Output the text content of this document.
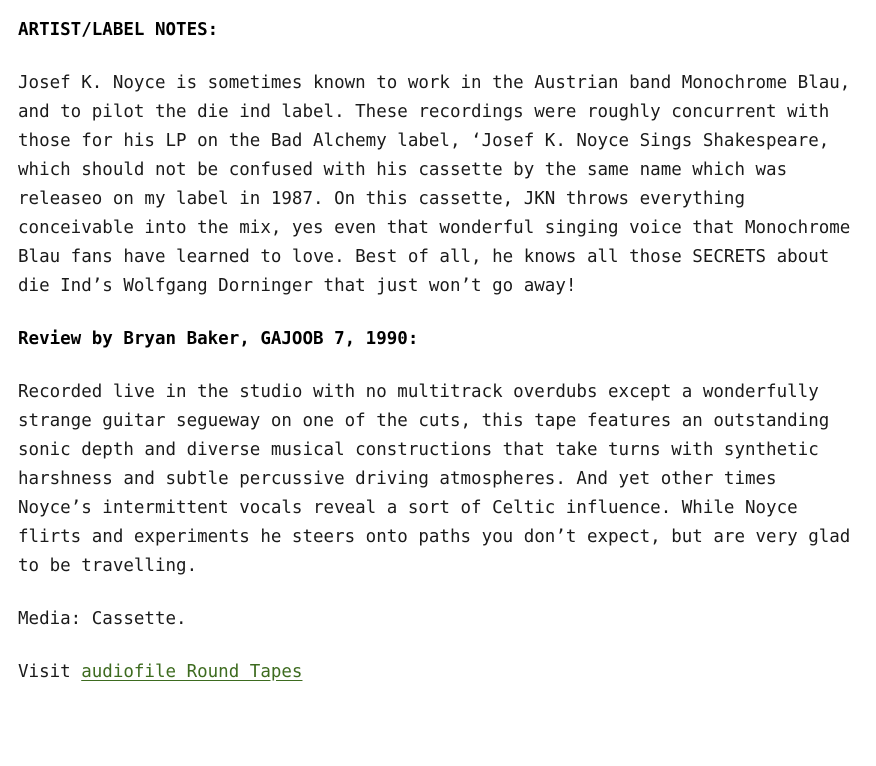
ARTIST/LABEL NOTES:

Josef K. Noyce is sometimes known to work in the Austrian band Monochrome Blau, and to pilot the die ind label. These recordings were roughly concurrent with those for his LP on the Bad Alchemy label, ‘Josef K. Noyce Sings Shakespeare, which should not be confused with his cassette by the same name which was releaseo on my label in 1987. On this cassette, JKN throws everything conceivable into the mix, yes even that wonderful singing voice that Monochrome Blau fans have learned to love. Best of all, he knows all those SECRETS about die Ind’s Wolfgang Dorninger that just won’t go away!

Review by Bryan Baker, GAJOOB 7, 1990:

Recorded live in the studio with no multitrack overdubs except a wonderfully strange guitar segueway on one of the cuts, this tape features an outstanding sonic depth and diverse musical constructions that take turns with synthetic harshness and subtle percussive driving atmospheres. And yet other times Noyce’s intermittent vocals reveal a sort of Celtic influence. While Noyce flirts and experiments he steers onto paths you don’t expect, but are very glad to be travelling.

Media: Cassette.

Visit audiofile Round Tapes
